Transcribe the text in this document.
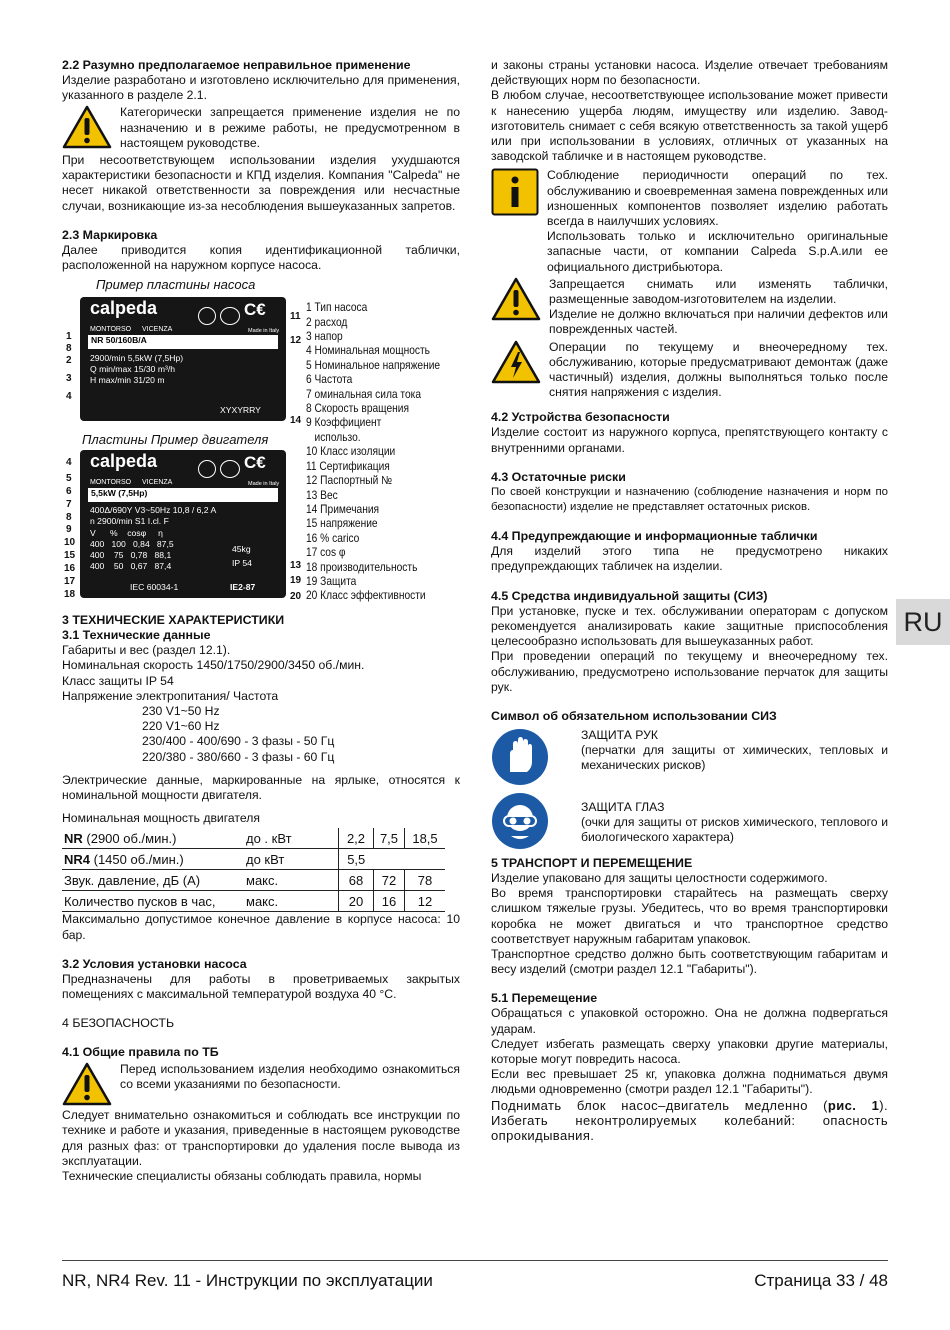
2.2 Разумно предполагаемое неправильное применение

Изделие разработано и изготовлено исключительно для применения, указанного в разделе 2.1.

Категорически запрещается применение изделия не по назначению и в режиме работы, не предусмотренном в настоящем руководстве.

При несоответствующем использовании изделия ухудшаются характеристики безопасности и КПД изделия. Компания "Calpeda" не несет никакой ответственности за повреждения или несчастные случаи, возникающие из-за несоблюдения вышеуказанных запретов.

2.3 Маркировка

Далее приводится копия идентификационной таблички, расположенной на наружном корпусе насоса.

Пример пластины насоса
calpeda
MONTORSO VICENZA
C€
Made in Italy
NR 50/160B/A	0705158995
2900/min 5,5kW (7,5Hp)
Q min/max 15/30 m³/h
H max/min 31/20 m
XYXYRRY
1
8
2
3
4
11
12
14
Пластины Пример двигателя
calpeda
MONTORSO VICENZA
C€
Made in Italy
5,5kW (7,5Hp)	0705158995
400Δ/690Y V3~50Hz 10,8 / 6,2 A
n 2900/min S1 I.cl. F
V      %    cosφ     η
400   100   0,84   87,5
400    75   0,78   88,1
400    50   0,67   87,4
45kg
IP 54
IEC 60034-1	IE2-87
4
5
6
7
8
9
10
15
16
17
18
13
19
20
1 Тип насоса
2 расход
3 напор
4 Номинальная мощность
5 Номинальное напряжение
6 Частота
7 оминальная сила тока
8 Скорость вращения
9 Коэффициент
использо.
10 Класс изоляции
11 Сертификация
12 Паспортный №
13 Вес
14 Примечания
15 напряжение
16 % carico
17 cos φ
18 производительность
19 Защита
20 Класс эффективности
3 ТЕХНИЧЕСКИЕ ХАРАКТЕРИСТИКИ
3.1 Технические данные

Габариты и вес (раздел 12.1).

Номинальная скорость 1450/1750/2900/3450 об./мин.

Класс защиты IP 54

Напряжение электропитания/ Частота

230 V1~50 Hz

220 V1~60 Hz

230/400 - 400/690 - 3 фазы - 50 Гц

220/380 - 380/660 - 3 фазы - 60 Гц

Электрические данные, маркированные на ярлыке, относятся к номинальной мощности двигателя.

Номинальная мощность двигателя

NR (2900 об./мин.)	до . кВт	2,2	7,5	18,5
NR4 (1450 об./мин.)	до кВт	5,5		
Звук. давление, дБ (A)	макс.	68	72	78
Количество пусков в час,	макс.	20	16	12

Максимально допустимое конечное давление в корпусе насоса: 10 бар.

3.2 Условия установки насоса

Предназначены для работы в проветриваемых закрытых помещениях с максимальной температурой воздуха 40 °C.

4 БЕЗОПАСНОСТЬ
4.1 Общие правила по ТБ

Перед использованием изделия необходимо ознакомиться со всеми указаниями по безопасности.

Следует внимательно ознакомиться и соблюдать все инструкции по технике и работе и указания, приведенные в настоящем руководстве для разных фаз: от транспортировки до удаления после вывода из эксплуатации.

Технические специалисты обязаны соблюдать правила, нормы

и законы страны установки насоса. Изделие отвечает требованиям действующих норм по безопасности.

В любом случае, несоответствующее использование может привести к нанесению ущерба людям, имуществу или изделию. Завод-изготовитель снимает с себя всякую ответственность за такой ущерб или при использовании в условиях, отличных от указанных на заводской табличке и в настоящем руководстве.

Соблюдение периодичности операций по тех. обслуживанию и своевременная замена поврежденных или изношенных компонентов позволяет изделию работать всегда в наилучших условиях.

Использовать только и исключительно оригинальные запасные части, от компании Calpeda S.p.A.или ее официального дистрибьютора.

Запрещается снимать или изменять таблички, размещенные заводом-изготовителем на изделии.

Изделие не должно включаться при наличии дефектов или поврежденных частей.

Операции по текущему и внеочередному тех. обслуживанию, которые предусматривают демонтаж (даже частичный) изделия, должны выполняться только после снятия напряжения с изделия.

4.2 Устройства безопасности

Изделие состоит из наружного корпуса, препятствующего контакту с внутренними органами.

4.3 Остаточные риски

По своей конструкции и назначению (соблюдение назначения и норм по безопасности) изделие не представляет остаточных рисков.

4.4 Предупреждающие и информационные таблички

Для изделий этого типа не предусмотрено никаких предупреждающих табличек на изделии.

4.5 Средства индивидуальной защиты (СИЗ)

При установке, пуске и тех. обслуживании операторам с допуском рекомендуется анализировать какие защитные приспособления целесообразно использовать для вышеуказанных работ.

При проведении операций по текущему и внеочередному тех. обслуживанию, предусмотрено использование перчаток для защиты рук.

Символ об обязательном использовании СИЗ

ЗАЩИТА РУК

(перчатки для защиты от химических, тепловых и механических рисков)

ЗАЩИТА ГЛАЗ

(очки для защиты от рисков химического, теплового и биологического характера)

5 ТРАНСПОРТ И ПЕРЕМЕЩЕНИЕ

Изделие упаковано для защиты целостности содержимого.

Во время транспортировки старайтесь на размещать сверху слишком тяжелые грузы. Убедитесь, что во время транспортировки коробка не может двигаться и что транспортное средство соответствует наружным габаритам упаковок.

Транспортное средство должно быть соответствующим габаритам и весу изделий (смотри раздел 12.1 "Габариты").

5.1 Перемещение

Обращаться с упаковкой осторожно. Она не должна подвергаться ударам.

Следует избегать размещать сверху упаковки другие материалы, которые могут повредить насоса.

Если вес превышает 25 кг, упаковка должна подниматься двумя людьми одновременно (смотри раздел 12.1 "Габариты").

Поднимать блок насос–двигатель медленно (рис. 1). Избегать неконтролируемых колебаний: опасность опрокидывания.

RU
NR, NR4 Rev. 11 - Инструкции по эксплуатации	Страница 33 / 48
